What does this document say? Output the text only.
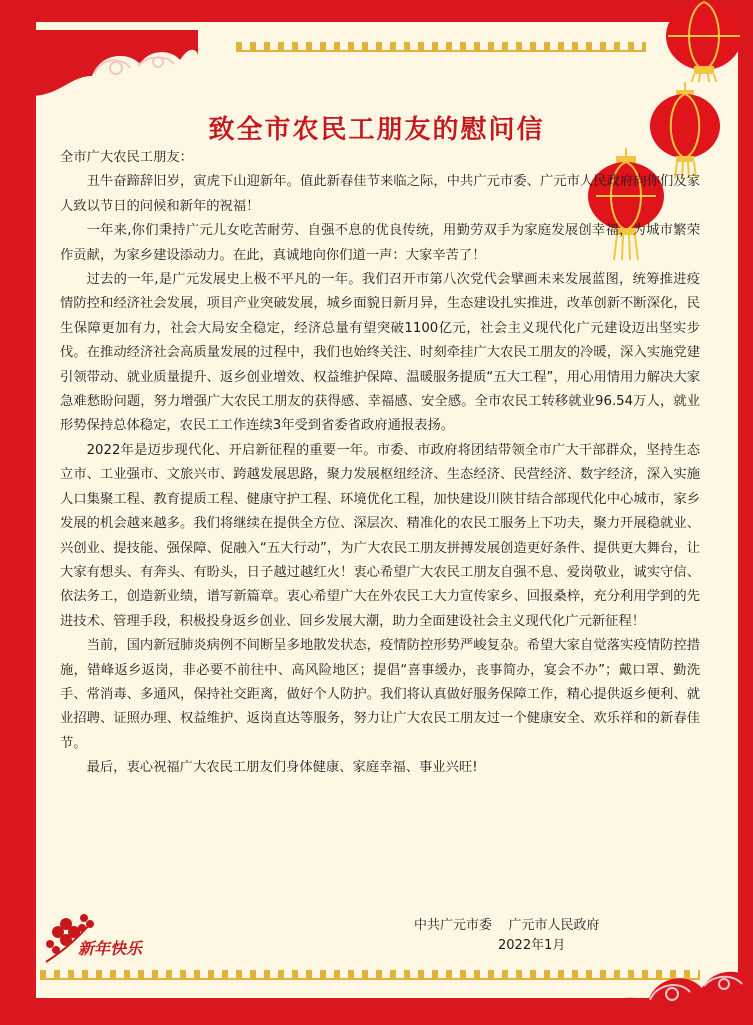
致全市农民工朋友的慰问信

全市广大农民工朋友：

丑牛奋蹄辞旧岁，寅虎下山迎新年。值此新春佳节来临之际，中共广元市委、广元市人民政府向你们及家人致以节日的问候和新年的祝福！

一年来,你们秉持广元儿女吃苦耐劳、自强不息的优良传统，用勤劳双手为家庭发展创幸福，为城市繁荣作贡献，为家乡建设添动力。在此，真诚地向你们道一声：大家辛苦了！

过去的一年,是广元发展史上极不平凡的一年。我们召开市第八次党代会擘画未来发展蓝图，统筹推进疫情防控和经济社会发展，项目产业突破发展，城乡面貌日新月异，生态建设扎实推进，改革创新不断深化，民生保障更加有力，社会大局安全稳定，经济总量有望突破1100亿元，社会主义现代化广元建设迈出坚实步伐。在推动经济社会高质量发展的过程中，我们也始终关注、时刻牵挂广大农民工朋友的冷暖，深入实施党建引领带动、就业质量提升、返乡创业增效、权益维护保障、温暖服务提质“五大工程”，用心用情用力解决大家急难愁盼问题，努力增强广大农民工朋友的获得感、幸福感、安全感。全市农民工转移就业96.54万人，就业形势保持总体稳定，农民工工作连续3年受到省委省政府通报表扬。

2022年是迈步现代化、开启新征程的重要一年。市委、市政府将团结带领全市广大干部群众，坚持生态立市、工业强市、文旅兴市、跨越发展思路，聚力发展枢纽经济、生态经济、民营经济、数字经济，深入实施人口集聚工程、教育提质工程、健康守护工程、环境优化工程，加快建设川陕甘结合部现代化中心城市，家乡发展的机会越来越多。我们将继续在提供全方位、深层次、精准化的农民工服务上下功夫，聚力开展稳就业、兴创业、提技能、强保障、促融入“五大行动”，为广大农民工朋友拼搏发展创造更好条件、提供更大舞台，让大家有想头、有奔头、有盼头，日子越过越红火！衷心希望广大农民工朋友自强不息、爱岗敬业，诚实守信、依法务工，创造新业绩，谱写新篇章。衷心希望广大在外农民工大力宣传家乡、回报桑梓，充分利用学到的先进技术、管理手段，积极投身返乡创业、回乡发展大潮，助力全面建设社会主义现代化广元新征程！

当前，国内新冠肺炎病例不间断呈多地散发状态，疫情防控形势严峻复杂。希望大家自觉落实疫情防控措施，错峰返乡返岗，非必要不前往中、高风险地区；提倡“喜事缓办，丧事简办，宴会不办”；戴口罩、勤洗手、常消毒、多通风，保持社交距离，做好个人防护。我们将认真做好服务保障工作，精心提供返乡便利、就业招聘、证照办理、权益维护、返岗直达等服务，努力让广大农民工朋友过一个健康安全、欢乐祥和的新春佳节。

最后，衷心祝福广大农民工朋友们身体健康、家庭幸福、事业兴旺!

中共广元市委    广元市人民政府
2022年1月
新年快乐
